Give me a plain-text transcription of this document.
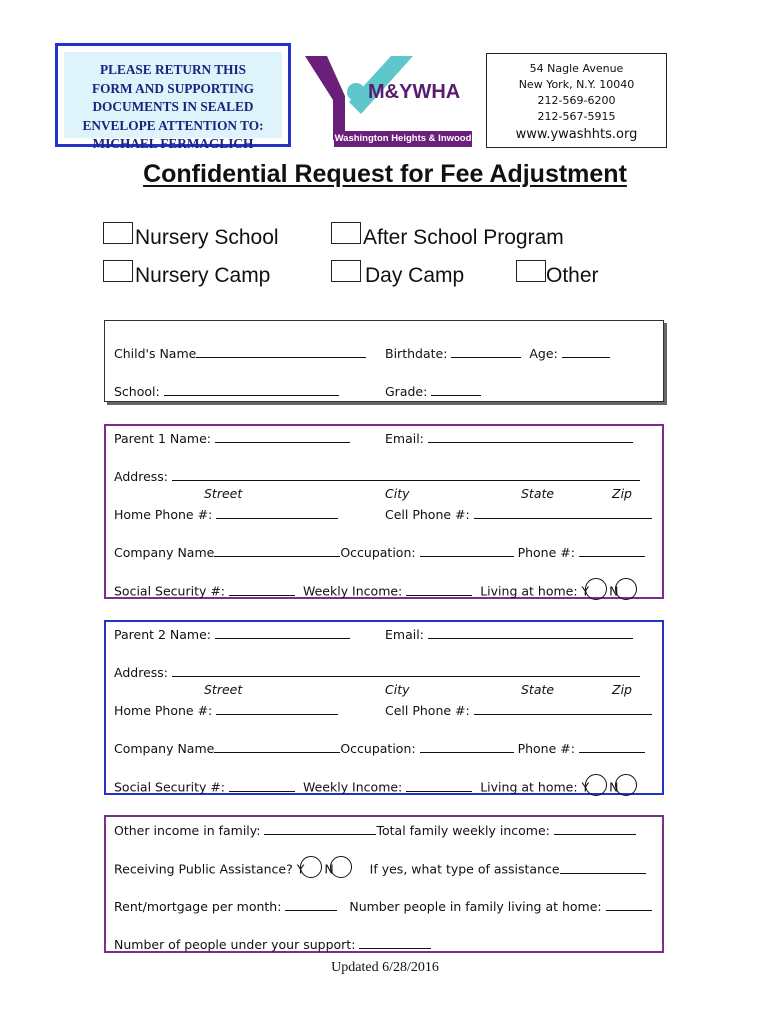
PLEASE RETURN THIS
FORM AND SUPPORTING
DOCUMENTS IN SEALED
ENVELOPE ATTENTION TO:
MICHAEL FERMAGLICH
M&YWHA
Washington Heights & Inwood
54 Nagle Avenue
New York, N.Y. 10040
212-569-6200
212-567-5915
www.ywashhts.org
Confidential Request for Fee Adjustment
Nursery School	After School Program
Nursery Camp	Day Camp	Other
Child's Name	Birthdate:	Age:
School:	Grade:
Parent 1 Name:	Email:
Address:
Street	City	State	Zip
Home Phone #:	Cell Phone #:
Company Name	Occupation:	Phone #:
Social Security #:	Weekly Income:	Living at home: Y N
Parent 2 Name:	Email:
Address:
Street	City	State	Zip
Home Phone #:	Cell Phone #:
Company Name	Occupation:	Phone #:
Social Security #:	Weekly Income:	Living at home: Y N
Other income in family:	Total family weekly income:
Receiving Public Assistance? Y N	If yes, what type of assistance
Rent/mortgage per month:	Number people in family living at home:
Number of people under your support:
Updated 6/28/2016
